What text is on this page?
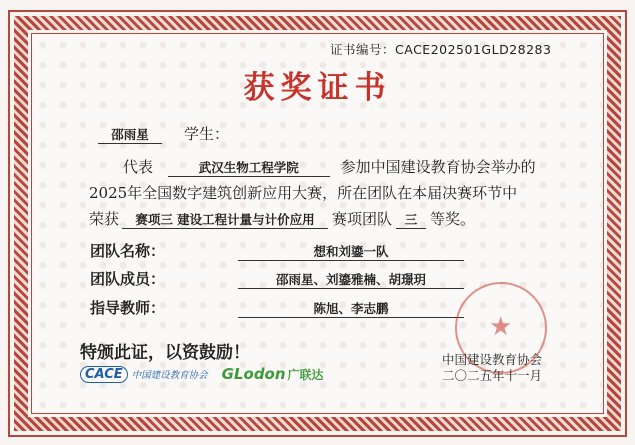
证书编号：CACE202501GLD28283
获奖证书
邵雨星 学生：
代表	武汉生物工程学院	参加中国建设教育协会举办的
2025年全国数字建筑创新应用大赛，所在团队在本届决赛环节中
荣获 赛项三 建设工程计量与计价应用 赛项团队 三 等奖。
团队名称：	想和刘鎏一队
团队成员：	邵雨星、刘鎏雅楠、胡璟玥
指导教师：	陈旭、李志鹏
特颁此证，以资鼓励！
CACE 中国建设教育协会 GLodon 广联达
★
中国建设教育协会
二〇二五年十一月
